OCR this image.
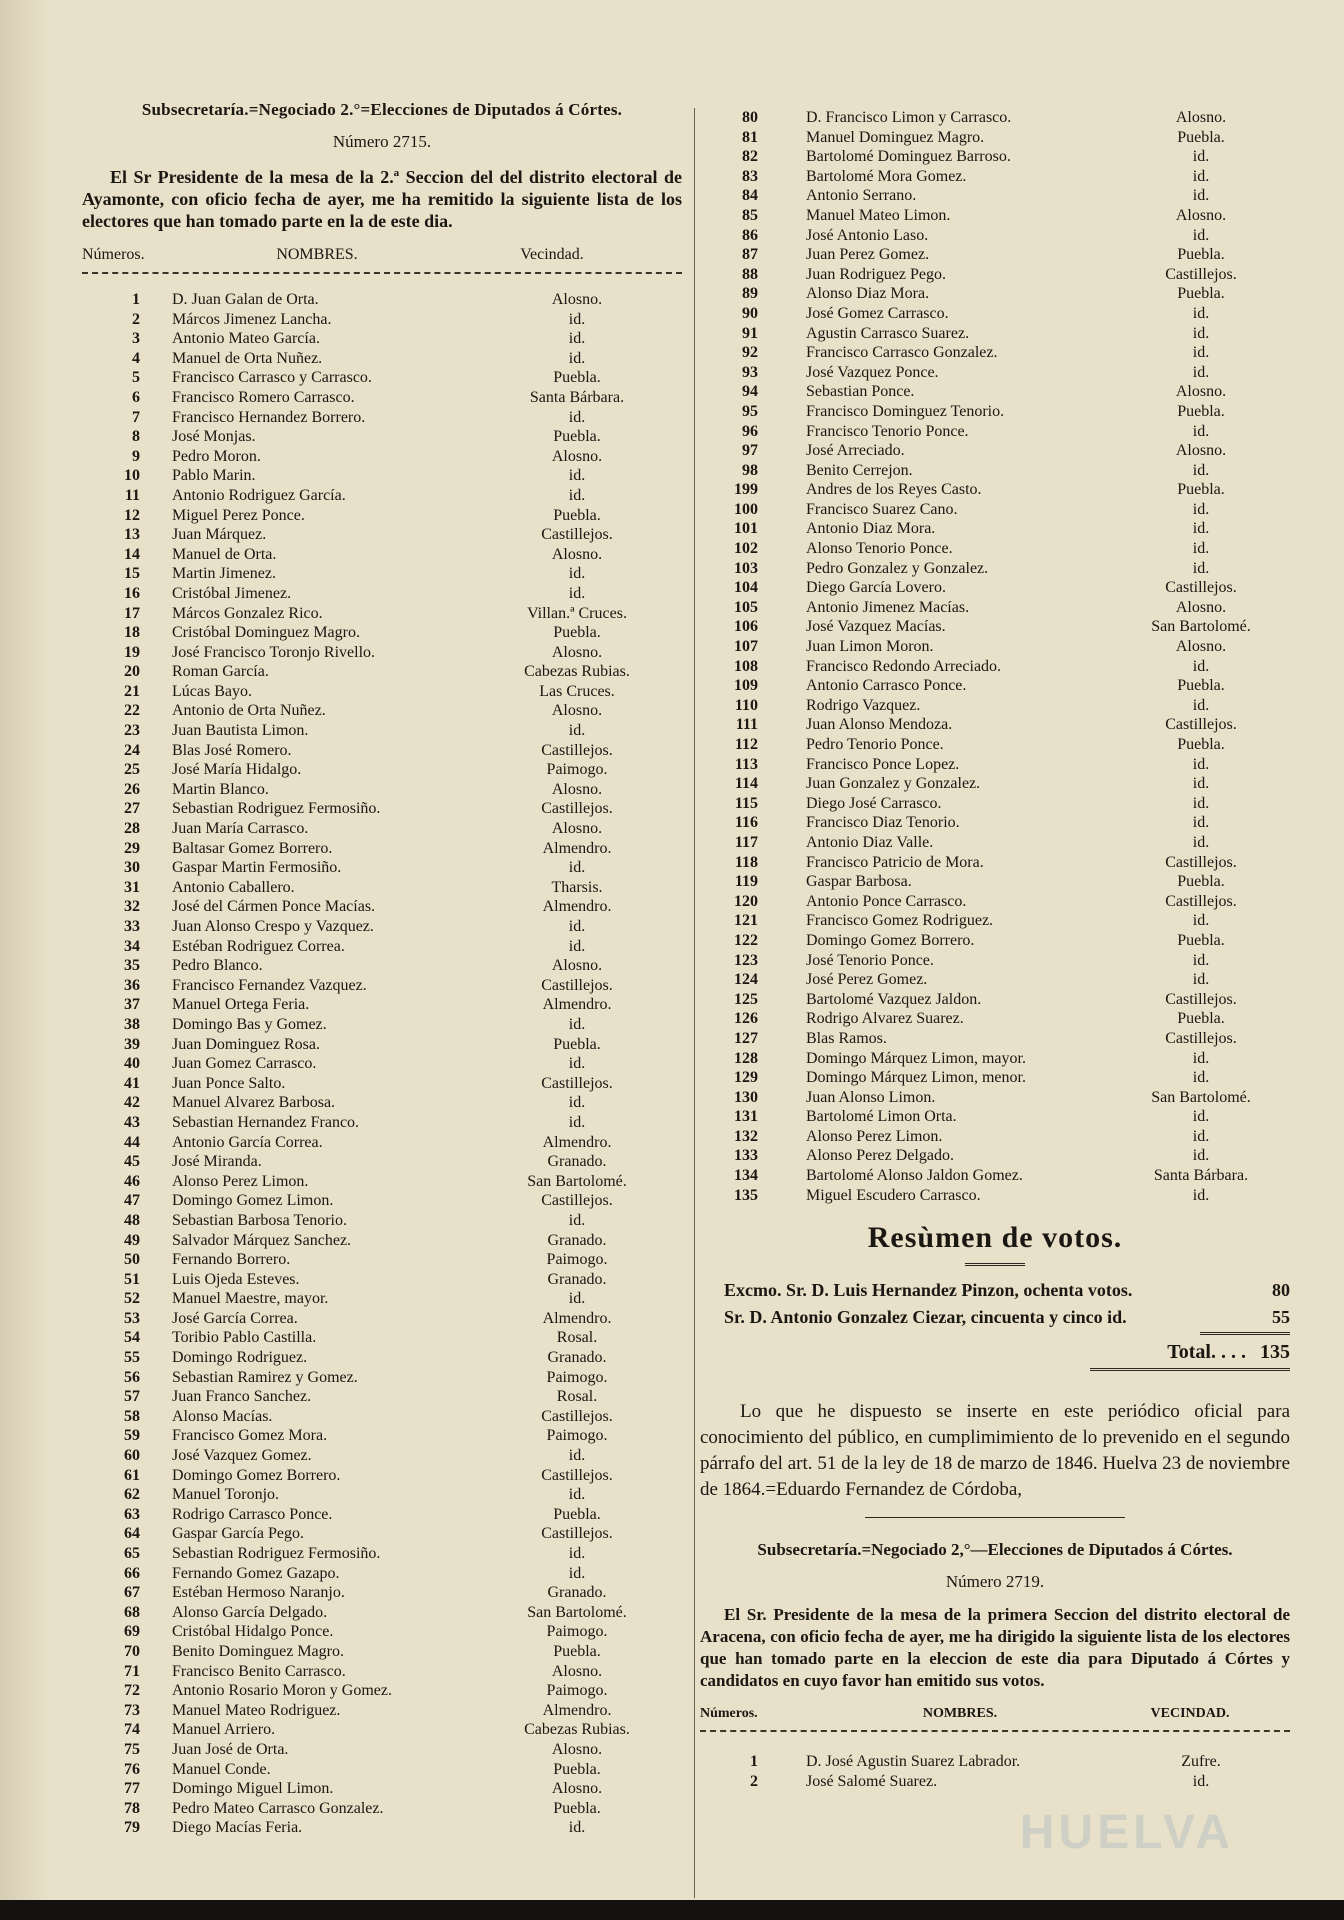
Subsecretaría.=Negociado 2.°=Elecciones de Diputados á Córtes.
Número 2715.
El Sr Presidente de la mesa de la 2.ª Seccion del del distrito electoral de Ayamonte, con oficio fecha de ayer, me ha remitido la siguiente lista de los electores que han tomado parte en la de este dia.
Números.	NOMBRES.	Vecindad.
1	D. Juan Galan de Orta.	Alosno.
2	Márcos Jimenez Lancha.	id.
3	Antonio Mateo García.	id.
4	Manuel de Orta Nuñez.	id.
5	Francisco Carrasco y Carrasco.	Puebla.
6	Francisco Romero Carrasco.	Santa Bárbara.
7	Francisco Hernandez Borrero.	id.
8	José Monjas.	Puebla.
9	Pedro Moron.	Alosno.
10	Pablo Marin.	id.
11	Antonio Rodriguez García.	id.
12	Miguel Perez Ponce.	Puebla.
13	Juan Márquez.	Castillejos.
14	Manuel de Orta.	Alosno.
15	Martin Jimenez.	id.
16	Cristóbal Jimenez.	id.
17	Márcos Gonzalez Rico.	Villan.ª Cruces.
18	Cristóbal Dominguez Magro.	Puebla.
19	José Francisco Toronjo Rivello.	Alosno.
20	Roman García.	Cabezas Rubias.
21	Lúcas Bayo.	Las Cruces.
22	Antonio de Orta Nuñez.	Alosno.
23	Juan Bautista Limon.	id.
24	Blas José Romero.	Castillejos.
25	José María Hidalgo.	Paimogo.
26	Martin Blanco.	Alosno.
27	Sebastian Rodriguez Fermosiño.	Castillejos.
28	Juan María Carrasco.	Alosno.
29	Baltasar Gomez Borrero.	Almendro.
30	Gaspar Martin Fermosiño.	id.
31	Antonio Caballero.	Tharsis.
32	José del Cármen Ponce Macías.	Almendro.
33	Juan Alonso Crespo y Vazquez.	id.
34	Estéban Rodriguez Correa.	id.
35	Pedro Blanco.	Alosno.
36	Francisco Fernandez Vazquez.	Castillejos.
37	Manuel Ortega Feria.	Almendro.
38	Domingo Bas y Gomez.	id.
39	Juan Dominguez Rosa.	Puebla.
40	Juan Gomez Carrasco.	id.
41	Juan Ponce Salto.	Castillejos.
42	Manuel Alvarez Barbosa.	id.
43	Sebastian Hernandez Franco.	id.
44	Antonio García Correa.	Almendro.
45	José Miranda.	Granado.
46	Alonso Perez Limon.	San Bartolomé.
47	Domingo Gomez Limon.	Castillejos.
48	Sebastian Barbosa Tenorio.	id.
49	Salvador Márquez Sanchez.	Granado.
50	Fernando Borrero.	Paimogo.
51	Luis Ojeda Esteves.	Granado.
52	Manuel Maestre, mayor.	id.
53	José García Correa.	Almendro.
54	Toribio Pablo Castilla.	Rosal.
55	Domingo Rodriguez.	Granado.
56	Sebastian Ramirez y Gomez.	Paimogo.
57	Juan Franco Sanchez.	Rosal.
58	Alonso Macías.	Castillejos.
59	Francisco Gomez Mora.	Paimogo.
60	José Vazquez Gomez.	id.
61	Domingo Gomez Borrero.	Castillejos.
62	Manuel Toronjo.	id.
63	Rodrigo Carrasco Ponce.	Puebla.
64	Gaspar García Pego.	Castillejos.
65	Sebastian Rodriguez Fermosiño.	id.
66	Fernando Gomez Gazapo.	id.
67	Estéban Hermoso Naranjo.	Granado.
68	Alonso García Delgado.	San Bartolomé.
69	Cristóbal Hidalgo Ponce.	Paimogo.
70	Benito Dominguez Magro.	Puebla.
71	Francisco Benito Carrasco.	Alosno.
72	Antonio Rosario Moron y Gomez.	Paimogo.
73	Manuel Mateo Rodriguez.	Almendro.
74	Manuel Arriero.	Cabezas Rubias.
75	Juan José de Orta.	Alosno.
76	Manuel Conde.	Puebla.
77	Domingo Miguel Limon.	Alosno.
78	Pedro Mateo Carrasco Gonzalez.	Puebla.
79	Diego Macías Feria.	id.
80	D. Francisco Limon y Carrasco.	Alosno.
81	Manuel Dominguez Magro.	Puebla.
82	Bartolomé Dominguez Barroso.	id.
83	Bartolomé Mora Gomez.	id.
84	Antonio Serrano.	id.
85	Manuel Mateo Limon.	Alosno.
86	José Antonio Laso.	id.
87	Juan Perez Gomez.	Puebla.
88	Juan Rodriguez Pego.	Castillejos.
89	Alonso Diaz Mora.	Puebla.
90	José Gomez Carrasco.	id.
91	Agustin Carrasco Suarez.	id.
92	Francisco Carrasco Gonzalez.	id.
93	José Vazquez Ponce.	id.
94	Sebastian Ponce.	Alosno.
95	Francisco Dominguez Tenorio.	Puebla.
96	Francisco Tenorio Ponce.	id.
97	José Arreciado.	Alosno.
98	Benito Cerrejon.	id.
199	Andres de los Reyes Casto.	Puebla.
100	Francisco Suarez Cano.	id.
101	Antonio Diaz Mora.	id.
102	Alonso Tenorio Ponce.	id.
103	Pedro Gonzalez y Gonzalez.	id.
104	Diego García Lovero.	Castillejos.
105	Antonio Jimenez Macías.	Alosno.
106	José Vazquez Macías.	San Bartolomé.
107	Juan Limon Moron.	Alosno.
108	Francisco Redondo Arreciado.	id.
109	Antonio Carrasco Ponce.	Puebla.
110	Rodrigo Vazquez.	id.
111	Juan Alonso Mendoza.	Castillejos.
112	Pedro Tenorio Ponce.	Puebla.
113	Francisco Ponce Lopez.	id.
114	Juan Gonzalez y Gonzalez.	id.
115	Diego José Carrasco.	id.
116	Francisco Diaz Tenorio.	id.
117	Antonio Diaz Valle.	id.
118	Francisco Patricio de Mora.	Castillejos.
119	Gaspar Barbosa.	Puebla.
120	Antonio Ponce Carrasco.	Castillejos.
121	Francisco Gomez Rodriguez.	id.
122	Domingo Gomez Borrero.	Puebla.
123	José Tenorio Ponce.	id.
124	José Perez Gomez.	id.
125	Bartolomé Vazquez Jaldon.	Castillejos.
126	Rodrigo Alvarez Suarez.	Puebla.
127	Blas Ramos.	Castillejos.
128	Domingo Márquez Limon, mayor.	id.
129	Domingo Márquez Limon, menor.	id.
130	Juan Alonso Limon.	San Bartolomé.
131	Bartolomé Limon Orta.	id.
132	Alonso Perez Limon.	id.
133	Alonso Perez Delgado.	id.
134	Bartolomé Alonso Jaldon Gomez.	Santa Bárbara.
135	Miguel Escudero Carrasco.	id.
Resùmen de votos.
Excmo. Sr. D. Luis Hernandez Pinzon, ochenta votos.	80
Sr. D. Antonio Gonzalez Ciezar, cincuenta y cinco id.	55
Total. . . . 135
Lo que he dispuesto se inserte en este periódico oficial para conocimiento del público, en cumplimimiento de lo prevenido en el segundo párrafo del art. 51 de la ley de 18 de marzo de 1846. Huelva 23 de noviembre de 1864.=Eduardo Fernandez de Córdoba,
Subsecretaría.=Negociado 2,°—Elecciones de Diputados á Córtes.
Número 2719.
El Sr. Presidente de la mesa de la primera Seccion del distrito electoral de Aracena, con oficio fecha de ayer, me ha dirigido la siguiente lista de los electores que han tomado parte en la eleccion de este dia para Diputado á Córtes y candidatos en cuyo favor han emitido sus votos.
Números.	NOMBRES.	VECINDAD.
1	D. José Agustin Suarez Labrador.	Zufre.
2	José Salomé Suarez.	id.
HUELVA
